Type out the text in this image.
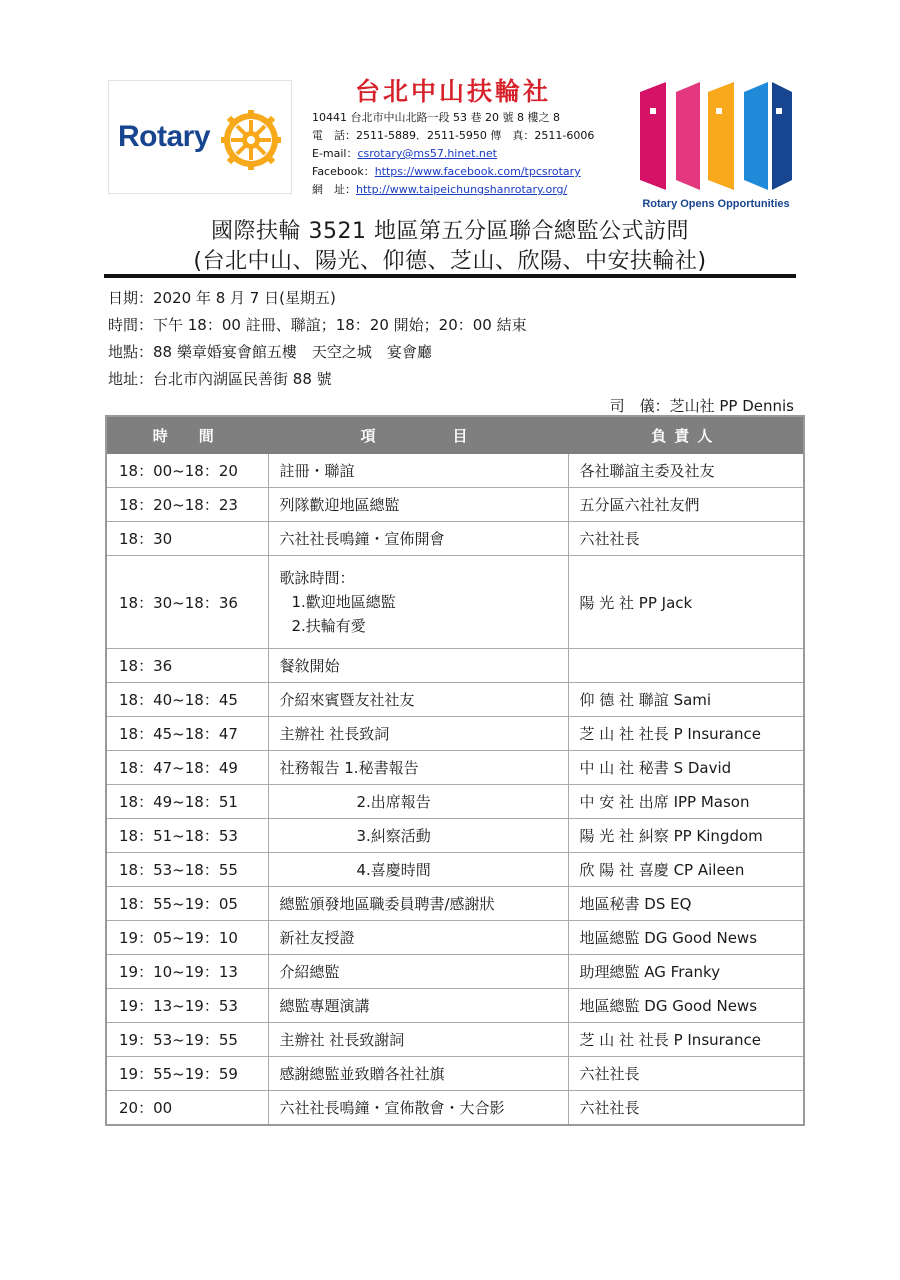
Rotary
台北中山扶輪社
10441 台北市中山北路一段 53 巷 20 號 8 樓之 8
電　話：2511-5889．2511-5950 傳　真：2511-6006
E-mail：csrotary@ms57.hinet.net
Facebook：https://www.facebook.com/tpcsrotary
網　址：http://www.taipeichungshanrotary.org/
Rotary Opens Opportunities
國際扶輪 3521 地區第五分區聯合總監公式訪問
(台北中山、陽光、仰德、芝山、欣陽、中安扶輪社)
日期：2020 年 8 月 7 日(星期五)
時間：下午 18：00 註冊、聯誼；18：20 開始；20：00 結束
地點：88 樂章婚宴會館五樓　天空之城　宴會廳
地址：台北市內湖區民善街 88 號
司　儀：芝山社 PP Dennis
時　間	項　　　目	負責人
18：00~18：20	註冊・聯誼	各社聯誼主委及社友
18：20~18：23	列隊歡迎地區總監	五分區六社社友們
18：30	六社社長鳴鐘・宣佈開會	六社社長
18：30~18：36	歌詠時間：
1.歡迎地區總監
2.扶輪有愛	陽 光 社 PP Jack
18：36	餐敘開始	
18：40~18：45	介紹來賓暨友社社友	仰 德 社 聯誼 Sami
18：45~18：47	主辦社 社長致詞	芝 山 社 社長 P Insurance
18：47~18：49	社務報告 1.秘書報告	中 山 社 秘書 S David
18：49~18：51	2.出席報告	中 安 社 出席 IPP Mason
18：51~18：53	3.糾察活動	陽 光 社 糾察 PP Kingdom
18：53~18：55	4.喜慶時間	欣 陽 社 喜慶 CP Aileen
18：55~19：05	總監頒發地區職委員聘書/感謝狀	地區秘書 DS EQ
19：05~19：10	新社友授證	地區總監 DG Good News
19：10~19：13	介紹總監	助理總監 AG Franky
19：13~19：53	總監專題演講	地區總監 DG Good News
19：53~19：55	主辦社 社長致謝詞	芝 山 社 社長 P Insurance
19：55~19：59	感謝總監並致贈各社社旗	六社社長
20：00	六社社長鳴鐘・宣佈散會・大合影	六社社長
